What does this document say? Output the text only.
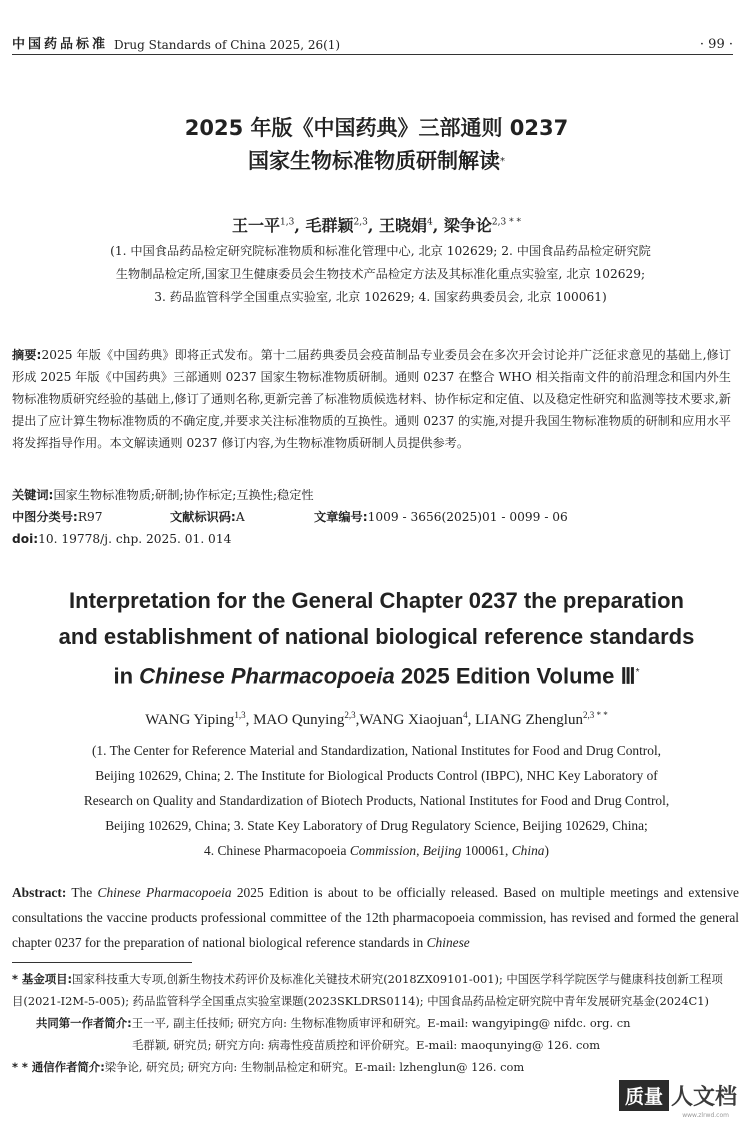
中国药品标准 Drug Standards of China 2025, 26(1)	· 99 ·
2025 年版《中国药典》三部通则 0237
国家生物标准物质研制解读*
王一平$^{1,3}$, 毛群颖$^{2,3}$, 王晓娟$^4$, 梁争论$^{2,3 * *}$
(1. 中国食品药品检定研究院标准物质和标准化管理中心, 北京 102629; 2. 中国食品药品检定研究院
生物制品检定所,国家卫生健康委员会生物技术产品检定方法及其标准化重点实验室, 北京 102629;
3. 药品监管科学全国重点实验室, 北京 102629; 4. 国家药典委员会, 北京 100061)
摘要:2025 年版《中国药典》即将正式发布。第十二届药典委员会疫苗制品专业委员会在多次开会讨论并广泛征求意见的基础上,修订形成 2025 年版《中国药典》三部通则 0237 国家生物标准物质研制。通则 0237 在整合 WHO 相关指南文件的前沿理念和国内外生物标准物质研究经验的基础上,修订了通则名称,更新完善了标准物质候选材料、协作标定和定值、以及稳定性研究和监测等技术要求,新提出了应计算生物标准物质的不确定度,并要求关注标准物质的互换性。通则 0237 的实施,对提升我国生物标准物质的研制和应用水平将发挥指导作用。本文解读通则 0237 修订内容,为生物标准物质研制人员提供参考。
关键词:国家生物标准物质;研制;协作标定;互换性;稳定性
中图分类号:R97	文献标识码:A	文章编号:1009 - 3656(2025)01 - 0099 - 06
doi:10. 19778/j. chp. 2025. 01. 014
Interpretation for the General Chapter 0237 the preparation
and establishment of national biological reference standards
in Chinese Pharmacopoeia 2025 Edition Volume Ⅲ*
WANG Yiping$^{1,3}$, MAO Qunying$^{2,3}$,WANG Xiaojuan$^4$, LIANG Zhenglun$^{2,3 * *}$
(1. The Center for Reference Material and Standardization, National Institutes for Food and Drug Control,
Beijing 102629, China; 2. The Institute for Biological Products Control (IBPC), NHC Key Laboratory of
Research on Quality and Standardization of Biotech Products, National Institutes for Food and Drug Control,
Beijing 102629, China; 3. State Key Laboratory of Drug Regulatory Science, Beijing 102629, China;
4. Chinese Pharmacopoeia Commission, Beijing 100061, China)
Abstract: The Chinese Pharmacopoeia 2025 Edition is about to be officially released. Based on multiple meetings and extensive consultations the vaccine products professional committee of the 12th pharmacopoeia commission, has revised and formed the general chapter 0237 for the preparation of national biological reference standards in Chinese

* 基金项目:国家科技重大专项,创新生物技术药评价及标准化关键技术研究(2018ZX09101-001); 中国医学科学院医学与健康科技创新工程项目(2021-I2M-5-005); 药品监管科学全国重点实验室课题(2023SKLDRS0114); 中国食品药品检定研究院中青年发展研究基金(2024C1)

共同第一作者简介:王一平, 副主任技师; 研究方向: 生物标准物质审评和研究。E-mail: wangyiping@ nifdc. org. cn

毛群颖, 研究员; 研究方向: 病毒性疫苗质控和评价研究。E-mail: maoqunying@ 126. com

* * 通信作者简介:梁争论, 研究员; 研究方向: 生物制品检定和研究。E-mail: lzhenglun@ 126. com

质量 人文档
www.zlrwd.com
